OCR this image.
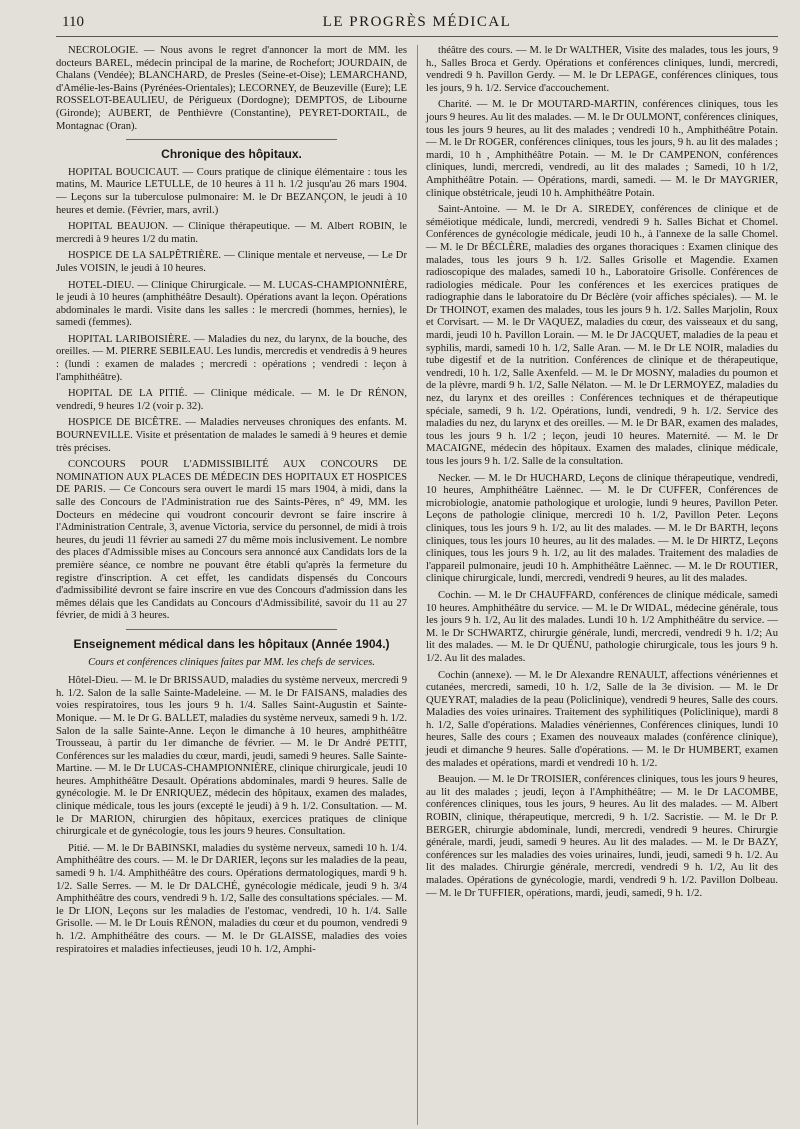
110	LE PROGRÈS MÉDICAL

NÉCROLOGIE. — Nous avons le regret d'annoncer la mort de MM. les docteurs BAREL, médecin principal de la marine, de Rochefort; JOURDAIN, de Chalans (Vendée); BLANCHARD, de Presles (Seine-et-Oise); LEMARCHAND, d'Amélie-les-Bains (Pyrénées-Orientales); LECORNEY, de Beuzeville (Eure); LE ROSSELOT-BEAULIEU, de Périgueux (Dordogne); DEMPTOS, de Libourne (Gironde); AUBERT, de Penthièvre (Constantine), PEYRET-DORTAIL, de Montagnac (Oran).

Chronique des hôpitaux.

HOPITAL BOUCICAUT. — Cours pratique de clinique élémentaire : tous les matins, M. Maurice LETULLE, de 10 heures à 11 h. 1/2 jusqu'au 26 mars 1904. — Leçons sur la tuberculose pulmonaire: M. le Dr BEZANÇON, le jeudi à 10 heures et demie. (Février, mars, avril.)

HOPITAL BEAUJON. — Clinique thérapeutique. — M. Albert ROBIN, le mercredi à 9 heures 1/2 du matin.

HOSPICE DE LA SALPÊTRIÈRE. — Clinique mentale et nerveuse, — Le Dr Jules VOISIN, le jeudi à 10 heures.

HOTEL-DIEU. — Clinique Chirurgicale. — M. LUCAS-CHAMPIONNIÈRE, le jeudi à 10 heures (amphithéâtre Desault). Opérations avant la leçon. Opérations abdominales le mardi. Visite dans les salles : le mercredi (hommes, hernies), le samedi (femmes).

HOPITAL LARIBOISIÈRE. — Maladies du nez, du larynx, de la bouche, des oreilles. — M. PIERRE SEBILEAU. Les lundis, mercredis et vendredis à 9 heures : (lundi : examen de malades ; mercredi : opérations ; vendredi : leçon à l'amphithéâtre).

HOPITAL DE LA PITIÉ. — Clinique médicale. — M. le Dr RÉNON, vendredi, 9 heures 1/2 (voir p. 32).

HOSPICE DE BICÊTRE. — Maladies nerveuses chroniques des enfants. M. BOURNEVILLE. Visite et présentation de malades le samedi à 9 heures et demie très précises.

CONCOURS POUR L'ADMISSIBILITÉ AUX CONCOURS DE NOMINATION AUX PLACES DE MÉDECIN DES HOPITAUX ET HOSPICES DE PARIS. — Ce Concours sera ouvert le mardi 15 mars 1904, à midi, dans la salle des Concours de l'Administration rue des Saints-Pères, n° 49, MM. les Docteurs en médecine qui voudront concourir devront se faire inscrire à l'Administration Centrale, 3, avenue Victoria, service du personnel, de midi à trois heures, du jeudi 11 février au samedi 27 du même mois inclusivement. Le nombre des places d'Admissible mises au Concours sera annoncé aux Candidats lors de la première séance, ce nombre ne pouvant être établi qu'après la fermeture du registre d'inscription. A cet effet, les candidats dispensés du Concours d'admissibilité devront se faire inscrire en vue des Concours d'admission dans les mêmes délais que les Candidats au Concours d'Admissibilité, savoir du 11 au 27 février, de midi à 3 heures.

Enseignement médical dans les hôpitaux (Année 1904.)
Cours et conférences cliniques faites par MM. les chefs de services.

Hôtel-Dieu. — M. le Dr BRISSAUD, maladies du système nerveux, mercredi 9 h. 1/2. Salon de la salle Sainte-Madeleine. — M. le Dr FAISANS, maladies des voies respiratoires, tous les jours 9 h. 1/4. Salles Saint-Augustin et Sainte-Monique. — M. le Dr G. BALLET, maladies du système nerveux, samedi 9 h. 1/2. Salon de la salle Sainte-Anne. Leçon le dimanche à 10 heures, amphithéâtre Trousseau, à partir du 1er dimanche de février. — M. le Dr André PETIT, Conférences sur les maladies du cœur, mardi, jeudi, samedi 9 heures. Salle Sainte-Martine. — M. le Dr LUCAS-CHAMPIONNIÈRE, clinique chirurgicale, jeudi 10 heures. Amphithéâtre Desault. Opérations abdominales, mardi 9 heures. Salle de gynécologie. M. le Dr ENRIQUEZ, médecin des hôpitaux, examen des malades, clinique médicale, tous les jours (excepté le jeudi) à 9 h. 1/2. Consultation. — M. le Dr MARION, chirurgien des hôpitaux, exercices pratiques de clinique chirurgicale et de gynécologie, tous les jours 9 heures. Consultation.

Pitié. — M. le Dr BABINSKI, maladies du système nerveux, samedi 10 h. 1/4. Amphithéâtre des cours. — M. le Dr DARIER, leçons sur les maladies de la peau, samedi 9 h. 1/4. Amphithéâtre des cours. Opérations dermatologiques, mardi 9 h. 1/2. Salle Serres. — M. le Dr DALCHÉ, gynécologie médicale, jeudi 9 h. 3/4 Amphithéâtre des cours, vendredi 9 h. 1/2, Salle des consultations spéciales. — M. le Dr LION, Leçons sur les maladies de l'estomac, vendredi, 10 h. 1/4. Salle Grisolle. — M. le Dr Louis RÉNON, maladies du cœur et du poumon, vendredi 9 h. 1/2. Amphithéâtre des cours. — M. le Dr GLAISSE, maladies des voies respiratoires et maladies infectieuses, jeudi 10 h. 1/2, Amphi-

théâtre des cours. — M. le Dr WALTHER, Visite des malades, tous les jours, 9 h., Salles Broca et Gerdy. Opérations et conférences cliniques, lundi, mercredi, vendredi 9 h. Pavillon Gerdy. — M. le Dr LEPAGE, conférences cliniques, tous les jours, 9 h. 1/2. Service d'accouchement.

Charité. — M. le Dr MOUTARD-MARTIN, conférences cliniques, tous les jours 9 heures. Au lit des malades. — M. le Dr OULMONT, conférences cliniques, tous les jours 9 heures, au lit des malades ; vendredi 10 h., Amphithéâtre Potain. — M. le Dr ROGER, conférences cliniques, tous les jours, 9 h. au lit des malades ; mardi, 10 h , Amphithéâtre Potain. — M. le Dr CAMPENON, conférences cliniques, lundi, mercredi, vendredi, au lit des malades ; Samedi, 10 h 1/2, Amphithéâtre Potain. — Opérations, mardi, samedi. — M. le Dr MAYGRIER, clinique obstétricale, jeudi 10 h. Amphithéâtre Potain.

Saint-Antoine. — M. le Dr A. SIREDEY, conférences de clinique et de séméiotique médicale, lundi, mercredi, vendredi 9 h. Salles Bichat et Chomel. Conférences de gynécologie médicale, jeudi 10 h., à l'annexe de la salle Chomel. — M. le Dr BÉCLÈRE, maladies des organes thoraciques : Examen clinique des malades, tous les jours 9 h. 1/2. Salles Grisolle et Magendie. Examen radioscopique des malades, samedi 10 h., Laboratoire Grisolle. Conférences de radiologies médicale. Pour les conférences et les exercices pratiques de radiographie dans le laboratoire du Dr Béclère (voir affiches spéciales). — M. le Dr THOINOT, examen des malades, tous les jours 9 h. 1/2. Salles Marjolin, Roux et Corvisart. — M. le Dr VAQUEZ, maladies du cœur, des vaisseaux et du sang, mardi, jeudi 10 h. Pavillon Lorain. — M. le Dr JACQUET, maladies de la peau et syphilis, mardi, samedi 10 h. 1/2, Salle Aran. — M. le Dr LE NOIR, maladies du tube digestif et de la nutrition. Conférences de clinique et de thérapeutique, vendredi, 10 h. 1/2, Salle Axenfeld. — M. le Dr MOSNY, maladies du poumon et de la plèvre, mardi 9 h. 1/2, Salle Nélaton. — M. le Dr LERMOYEZ, maladies du nez, du larynx et des oreilles : Conférences techniques et de thérapeutique spéciale, samedi, 9 h. 1/2. Opérations, lundi, vendredi, 9 h. 1/2. Service des maladies du nez, du larynx et des oreilles. — M. le Dr BAR, examen des malades, tous les jours 9 h. 1/2 ; leçon, jeudi 10 heures. Maternité. — M. le Dr MACAIGNE, médecin des hôpitaux. Examen des malades, clinique médicale, tous les jours 9 h. 1/2. Salle de la consultation.

Necker. — M. le Dr HUCHARD, Leçons de clinique thérapeutique, vendredi, 10 heures, Amphithéâtre Laënnec. — M. le Dr CUFFER, Conférences de microbiologie, anatomie pathologique et urologie, lundi 9 heures, Pavillon Peter. Leçons de pathologie clinique, mercredi 10 h. 1/2, Pavillon Peter. Leçons cliniques, tous les jours 9 h. 1/2, au lit des malades. — M. le Dr BARTH, leçons cliniques, tous les jours 10 heures, au lit des malades. — M. le Dr HIRTZ, Leçons cliniques, tous les jours 9 h. 1/2, au lit des malades. Traitement des maladies de l'appareil pulmonaire, jeudi 10 h. Amphithéâtre Laënnec. — M. le Dr ROUTIER, clinique chirurgicale, lundi, mercredi, vendredi 9 heures, au lit des malades.

Cochin. — M. le Dr CHAUFFARD, conférences de clinique médicale, samedi 10 heures. Amphithéâtre du service. — M. le Dr WIDAL, médecine générale, tous les jours 9 h. 1/2, Au lit des malades. Lundi 10 h. 1/2 Amphithéâtre du service. — M. le Dr SCHWARTZ, chirurgie générale, lundi, mercredi, vendredi 9 h. 1/2; Au lit des malades. — M. le Dr QUÉNU, pathologie chirurgicale, tous les jours 9 h. 1/2. Au lit des malades.

Cochin (annexe). — M. le Dr Alexandre RENAULT, affections vénériennes et cutanées, mercredi, samedi, 10 h. 1/2, Salle de la 3e division. — M. le Dr QUEYRAT, maladies de la peau (Policlinique), vendredi 9 heures, Salle des cours. Maladies des voies urinaires. Traitement des syphilitiques (Policlinique), mardi 8 h. 1/2, Salle d'opérations. Maladies vénériennes, Conférences cliniques, lundi 10 heures, Salle des cours ; Examen des nouveaux malades (conférence clinique), jeudi et dimanche 9 heures. Salle d'opérations. — M. le Dr HUMBERT, examen des malades et opérations, mardi et vendredi 10 h. 1/2.

Beaujon. — M. le Dr TROISIER, conférences cliniques, tous les jours 9 heures, au lit des malades ; jeudi, leçon à l'Amphithéâtre; — M. le Dr LACOMBE, conférences cliniques, tous les jours, 9 heures. Au lit des malades. — M. Albert ROBIN, clinique, thérapeutique, mercredi, 9 h. 1/2. Sacristie. — M. le Dr P. BERGER, chirurgie abdominale, lundi, mercredi, vendredi 9 heures. Chirurgie générale, mardi, jeudi, samedi 9 heures. Au lit des malades. — M. le Dr BAZY, conférences sur les maladies des voies urinaires, lundi, jeudi, samedi 9 h. 1/2. Au lit des malades. Chirurgie générale, mercredi, vendredi 9 h. 1/2, Au lit des malades. Opérations de gynécologie, mardi, vendredi 9 h. 1/2. Pavillon Dolbeau. — M. le Dr TUFFIER, opérations, mardi, jeudi, samedi, 9 h. 1/2.
